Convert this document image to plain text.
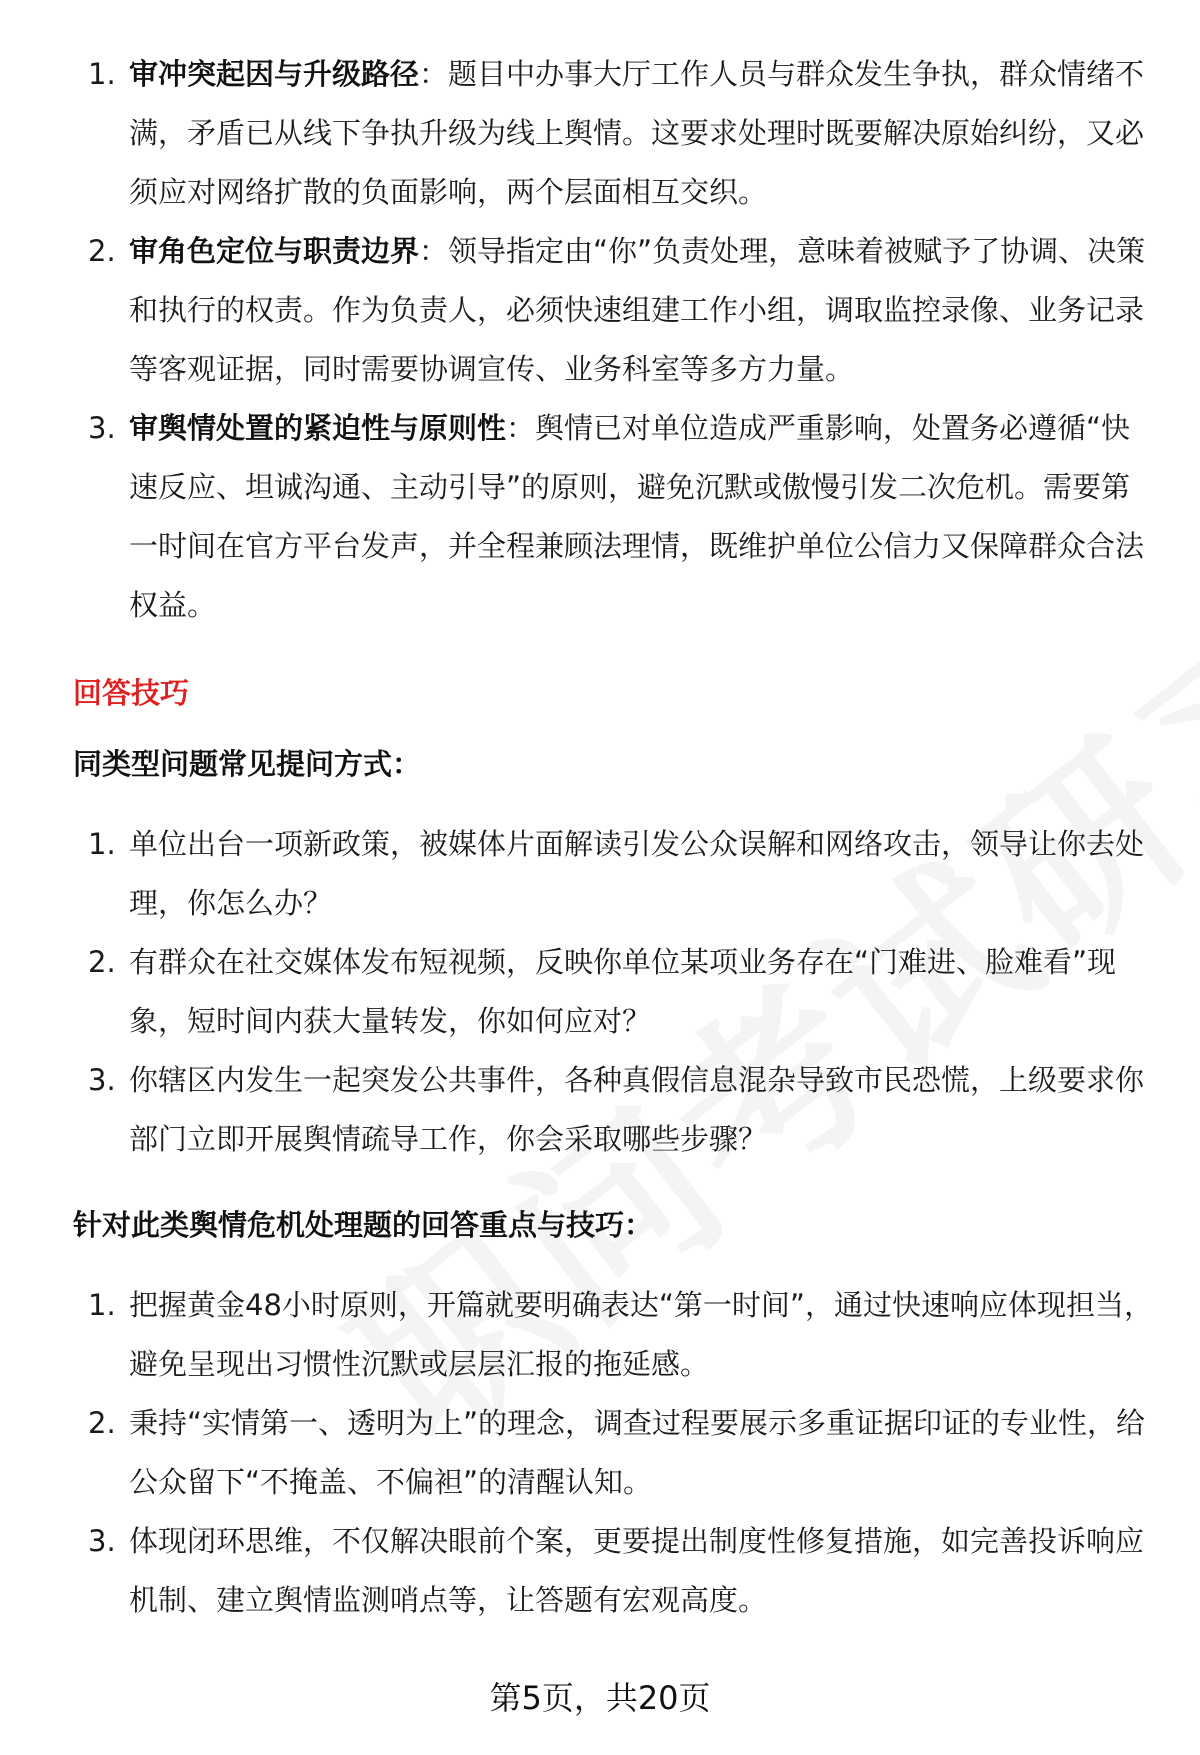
1. 审冲突起因与升级路径：题目中办事大厅工作人员与群众发生争执，群众情绪不满，矛盾已从线下争执升级为线上舆情。这要求处理时既要解决原始纠纷，又必须应对网络扩散的负面影响，两个层面相互交织。
2. 审角色定位与职责边界：领导指定由“你”负责处理，意味着被赋予了协调、决策和执行的权责。作为负责人，必须快速组建工作小组，调取监控录像、业务记录等客观证据，同时需要协调宣传、业务科室等多方力量。
3. 审舆情处置的紧迫性与原则性：舆情已对单位造成严重影响，处置务必遵循“快速反应、坦诚沟通、主动引导”的原则，避免沉默或傲慢引发二次危机。需要第一时间在官方平台发声，并全程兼顾法理情，既维护单位公信力又保障群众合法权益。
回答技巧
同类型问题常见提问方式：
1. 单位出台一项新政策，被媒体片面解读引发公众误解和网络攻击，领导让你去处理，你怎么办？
2. 有群众在社交媒体发布短视频，反映你单位某项业务存在“门难进、脸难看”现象，短时间内获大量转发，你如何应对？
3. 你辖区内发生一起突发公共事件，各种真假信息混杂导致市民恐慌，上级要求你部门立即开展舆情疏导工作，你会采取哪些步骤？
针对此类舆情危机处理题的回答重点与技巧：
1. 把握黄金48小时原则，开篇就要明确表达“第一时间”，通过快速响应体现担当，避免呈现出习惯性沉默或层层汇报的拖延感。
2. 秉持“实情第一、透明为上”的理念，调查过程要展示多重证据印证的专业性，给公众留下“不掩盖、不偏袒”的清醒认知。
3. 体现闭环思维，不仅解决眼前个案，更要提出制度性修复措施，如完善投诉响应机制、建立舆情监测哨点等，让答题有宏观高度。
第5页，共20页
